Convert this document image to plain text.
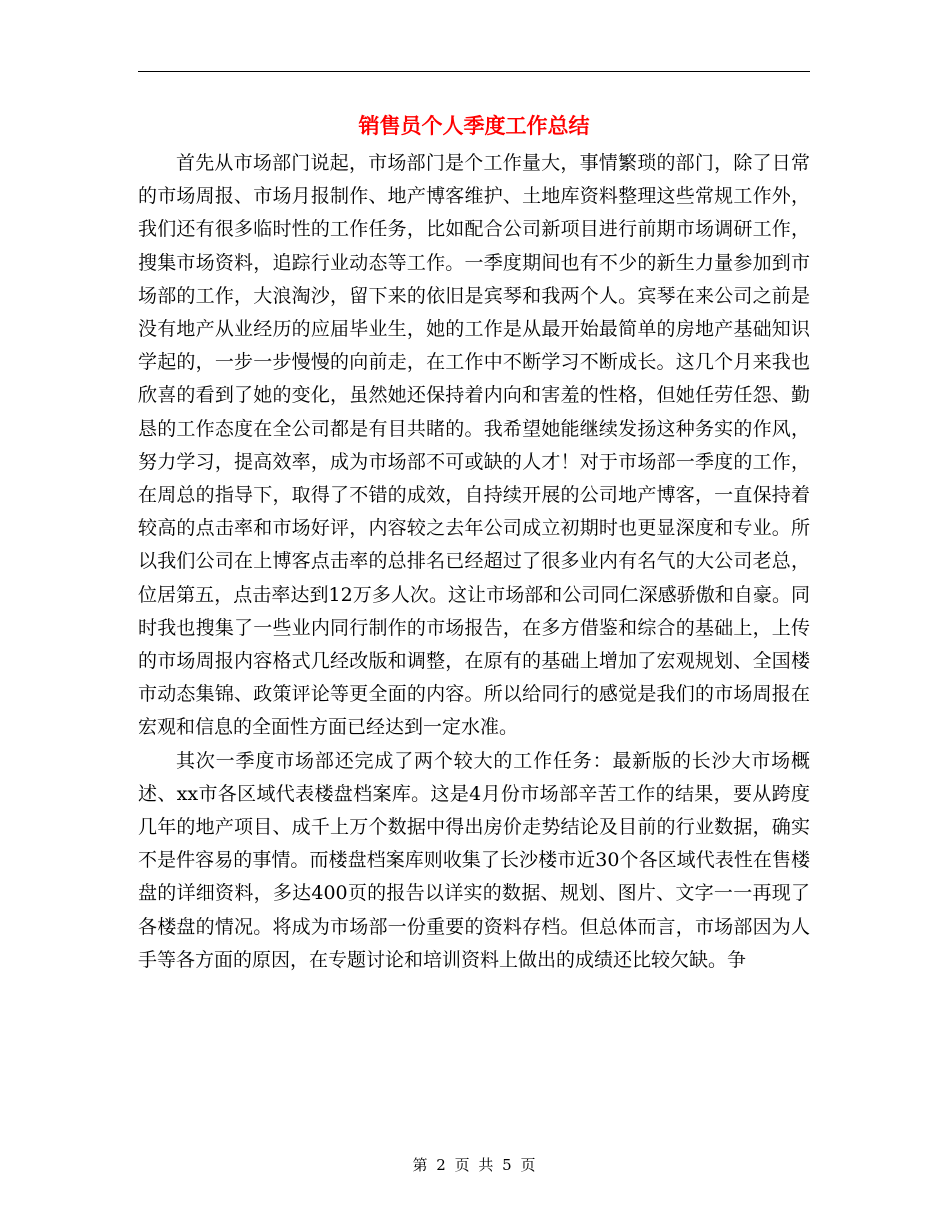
销售员个人季度工作总结

首先从市场部门说起，市场部门是个工作量大，事情繁琐的部门，除了日常的市场周报、市场月报制作、地产博客维护、土地库资料整理这些常规工作外，我们还有很多临时性的工作任务，比如配合公司新项目进行前期市场调研工作，搜集市场资料，追踪行业动态等工作。一季度期间也有不少的新生力量参加到市场部的工作，大浪淘沙，留下来的依旧是宾琴和我两个人。宾琴在来公司之前是没有地产从业经历的应届毕业生，她的工作是从最开始最简单的房地产基础知识学起的，一步一步慢慢的向前走，在工作中不断学习不断成长。这几个月来我也欣喜的看到了她的变化，虽然她还保持着内向和害羞的性格，但她任劳任怨、勤恳的工作态度在全公司都是有目共睹的。我希望她能继续发扬这种务实的作风，努力学习，提高效率，成为市场部不可或缺的人才！对于市场部一季度的工作，在周总的指导下，取得了不错的成效，自持续开展的公司地产博客，一直保持着较高的点击率和市场好评，内容较之去年公司成立初期时也更显深度和专业。所以我们公司在上博客点击率的总排名已经超过了很多业内有名气的大公司老总，位居第五，点击率达到12万多人次。这让市场部和公司同仁深感骄傲和自豪。同时我也搜集了一些业内同行制作的市场报告，在多方借鉴和综合的基础上，上传的市场周报内容格式几经改版和调整，在原有的基础上增加了宏观规划、全国楼市动态集锦、政策评论等更全面的内容。所以给同行的感觉是我们的市场周报在宏观和信息的全面性方面已经达到一定水准。

其次一季度市场部还完成了两个较大的工作任务：最新版的长沙大市场概述、xx市各区域代表楼盘档案库。这是4月份市场部辛苦工作的结果，要从跨度几年的地产项目、成千上万个数据中得出房价走势结论及目前的行业数据，确实不是件容易的事情。而楼盘档案库则收集了长沙楼市近30个各区域代表性在售楼盘的详细资料，多达400页的报告以详实的数据、规划、图片、文字一一再现了各楼盘的情况。将成为市场部一份重要的资料存档。但总体而言，市场部因为人手等各方面的原因，在专题讨论和培训资料上做出的成绩还比较欠缺。争

第 2 页 共 5 页
